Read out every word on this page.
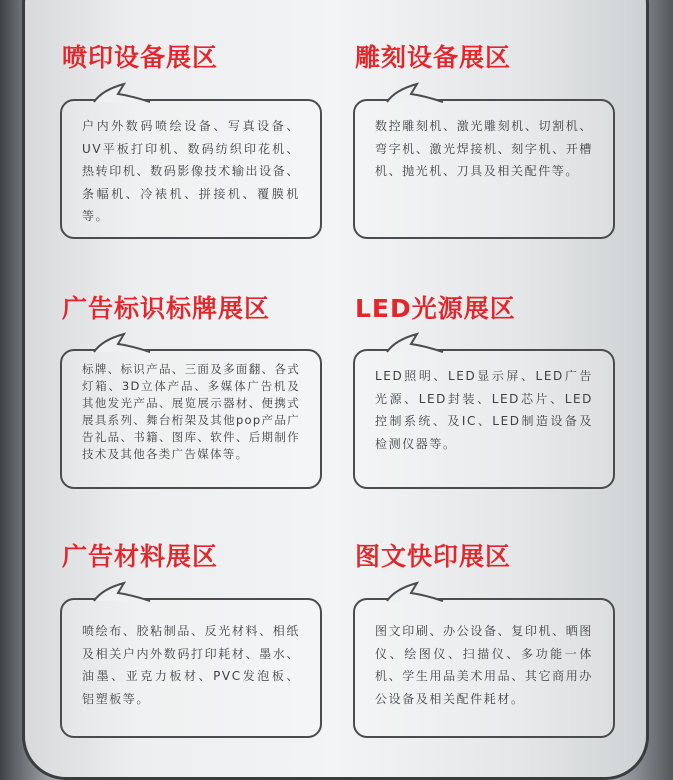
喷印设备展区

户内外数码喷绘设备、写真设备、UV平板打印机、数码纺织印花机、热转印机、数码影像技术输出设备、条幅机、冷裱机、拼接机、覆膜机等。

雕刻设备展区

数控雕刻机、激光雕刻机、切割机、弯字机、激光焊接机、刻字机、开槽机、抛光机、刀具及相关配件等。

广告标识标牌展区

标牌、标识产品、三面及多面翻、各式灯箱、3D立体产品、多媒体广告机及其他发光产品、展览展示器材、便携式展具系列、舞台桁架及其他pop产品广告礼品、书籍、图库、软件、后期制作技术及其他各类广告媒体等。

LED光源展区

LED照明、LED显示屏、LED广告光源、LED封装、LED芯片、LED控制系统、及IC、LED制造设备及检测仪器等。

广告材料展区

喷绘布、胶粘制品、反光材料、相纸及相关户内外数码打印耗材、墨水、油墨、亚克力板材、PVC发泡板、铝塑板等。

图文快印展区

图文印刷、办公设备、复印机、晒图仪、绘图仪、扫描仪、多功能一体机、学生用品美术用品、其它商用办公设备及相关配件耗材。
